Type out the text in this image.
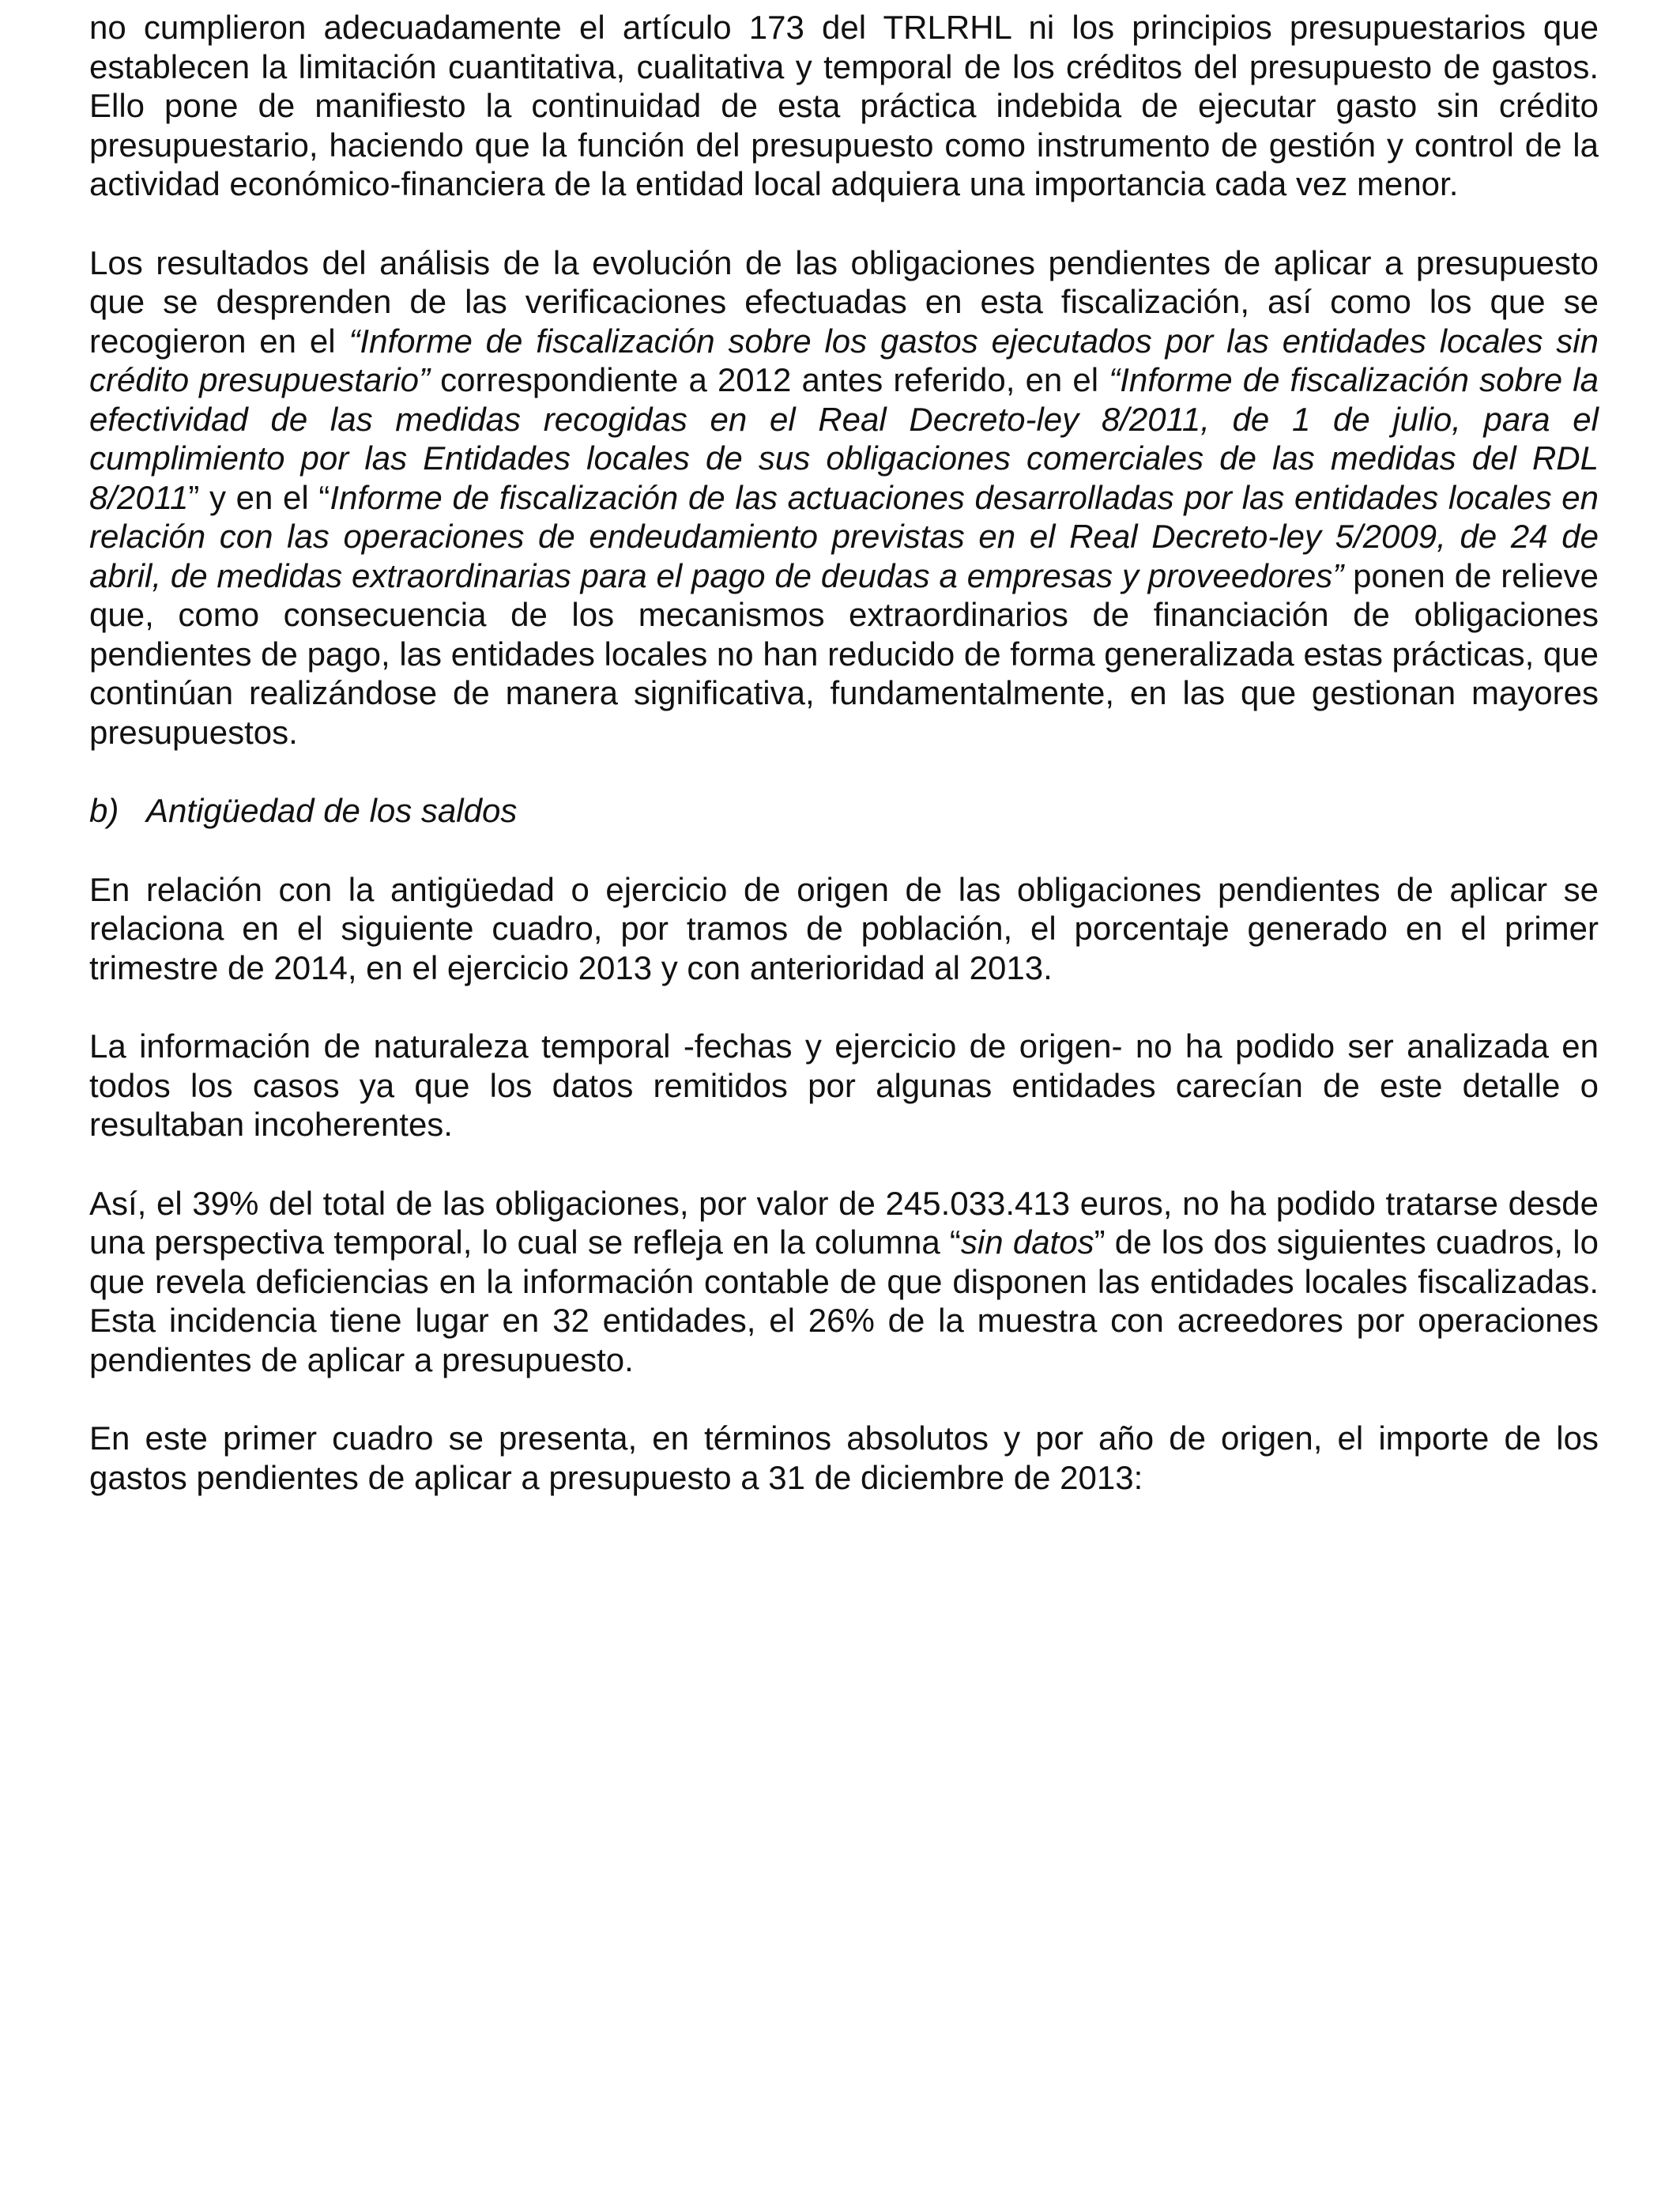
no cumplieron adecuadamente el artículo 173 del TRLRHL ni los principios presupuestarios que establecen la limitación cuantitativa, cualitativa y temporal de los créditos del presupuesto de gastos. Ello pone de manifiesto la continuidad de esta práctica indebida de ejecutar gasto sin crédito presupuestario, haciendo que la función del presupuesto como instrumento de gestión y control de la actividad económico-financiera de la entidad local adquiera una importancia cada vez menor.

Los resultados del análisis de la evolución de las obligaciones pendientes de aplicar a presupuesto que se desprenden de las verificaciones efectuadas en esta fiscalización, así como los que se recogieron en el “Informe de fiscalización sobre los gastos ejecutados por las entidades locales sin crédito presupuestario” correspondiente a 2012 antes referido, en el “Informe de fiscalización sobre la efectividad de las medidas recogidas en el Real Decreto-ley 8/2011, de 1 de julio, para el cumplimiento por las Entidades locales de sus obligaciones comerciales de las medidas del RDL 8/2011” y en el “Informe de fiscalización de las actuaciones desarrolladas por las entidades locales en relación con las operaciones de endeudamiento previstas en el Real Decreto-ley 5/2009, de 24 de abril, de medidas extraordinarias para el pago de deudas a empresas y proveedores” ponen de relieve que, como consecuencia de los mecanismos extraordinarios de financiación de obligaciones pendientes de pago, las entidades locales no han reducido de forma generalizada estas prácticas, que continúan realizándose de manera significativa, fundamentalmente, en las que gestionan mayores presupuestos.

b) Antigüedad de los saldos

En relación con la antigüedad o ejercicio de origen de las obligaciones pendientes de aplicar se relaciona en el siguiente cuadro, por tramos de población, el porcentaje generado en el primer trimestre de 2014, en el ejercicio 2013 y con anterioridad al 2013.

La información de naturaleza temporal -fechas y ejercicio de origen- no ha podido ser analizada en todos los casos ya que los datos remitidos por algunas entidades carecían de este detalle o resultaban incoherentes.

Así, el 39% del total de las obligaciones, por valor de 245.033.413 euros, no ha podido tratarse desde una perspectiva temporal, lo cual se refleja en la columna “sin datos” de los dos siguientes cuadros, lo que revela deficiencias en la información contable de que disponen las entidades locales fiscalizadas. Esta incidencia tiene lugar en 32 entidades, el 26% de la muestra con acreedores por operaciones pendientes de aplicar a presupuesto.

En este primer cuadro se presenta, en términos absolutos y por año de origen, el importe de los gastos pendientes de aplicar a presupuesto a 31 de diciembre de 2013:
